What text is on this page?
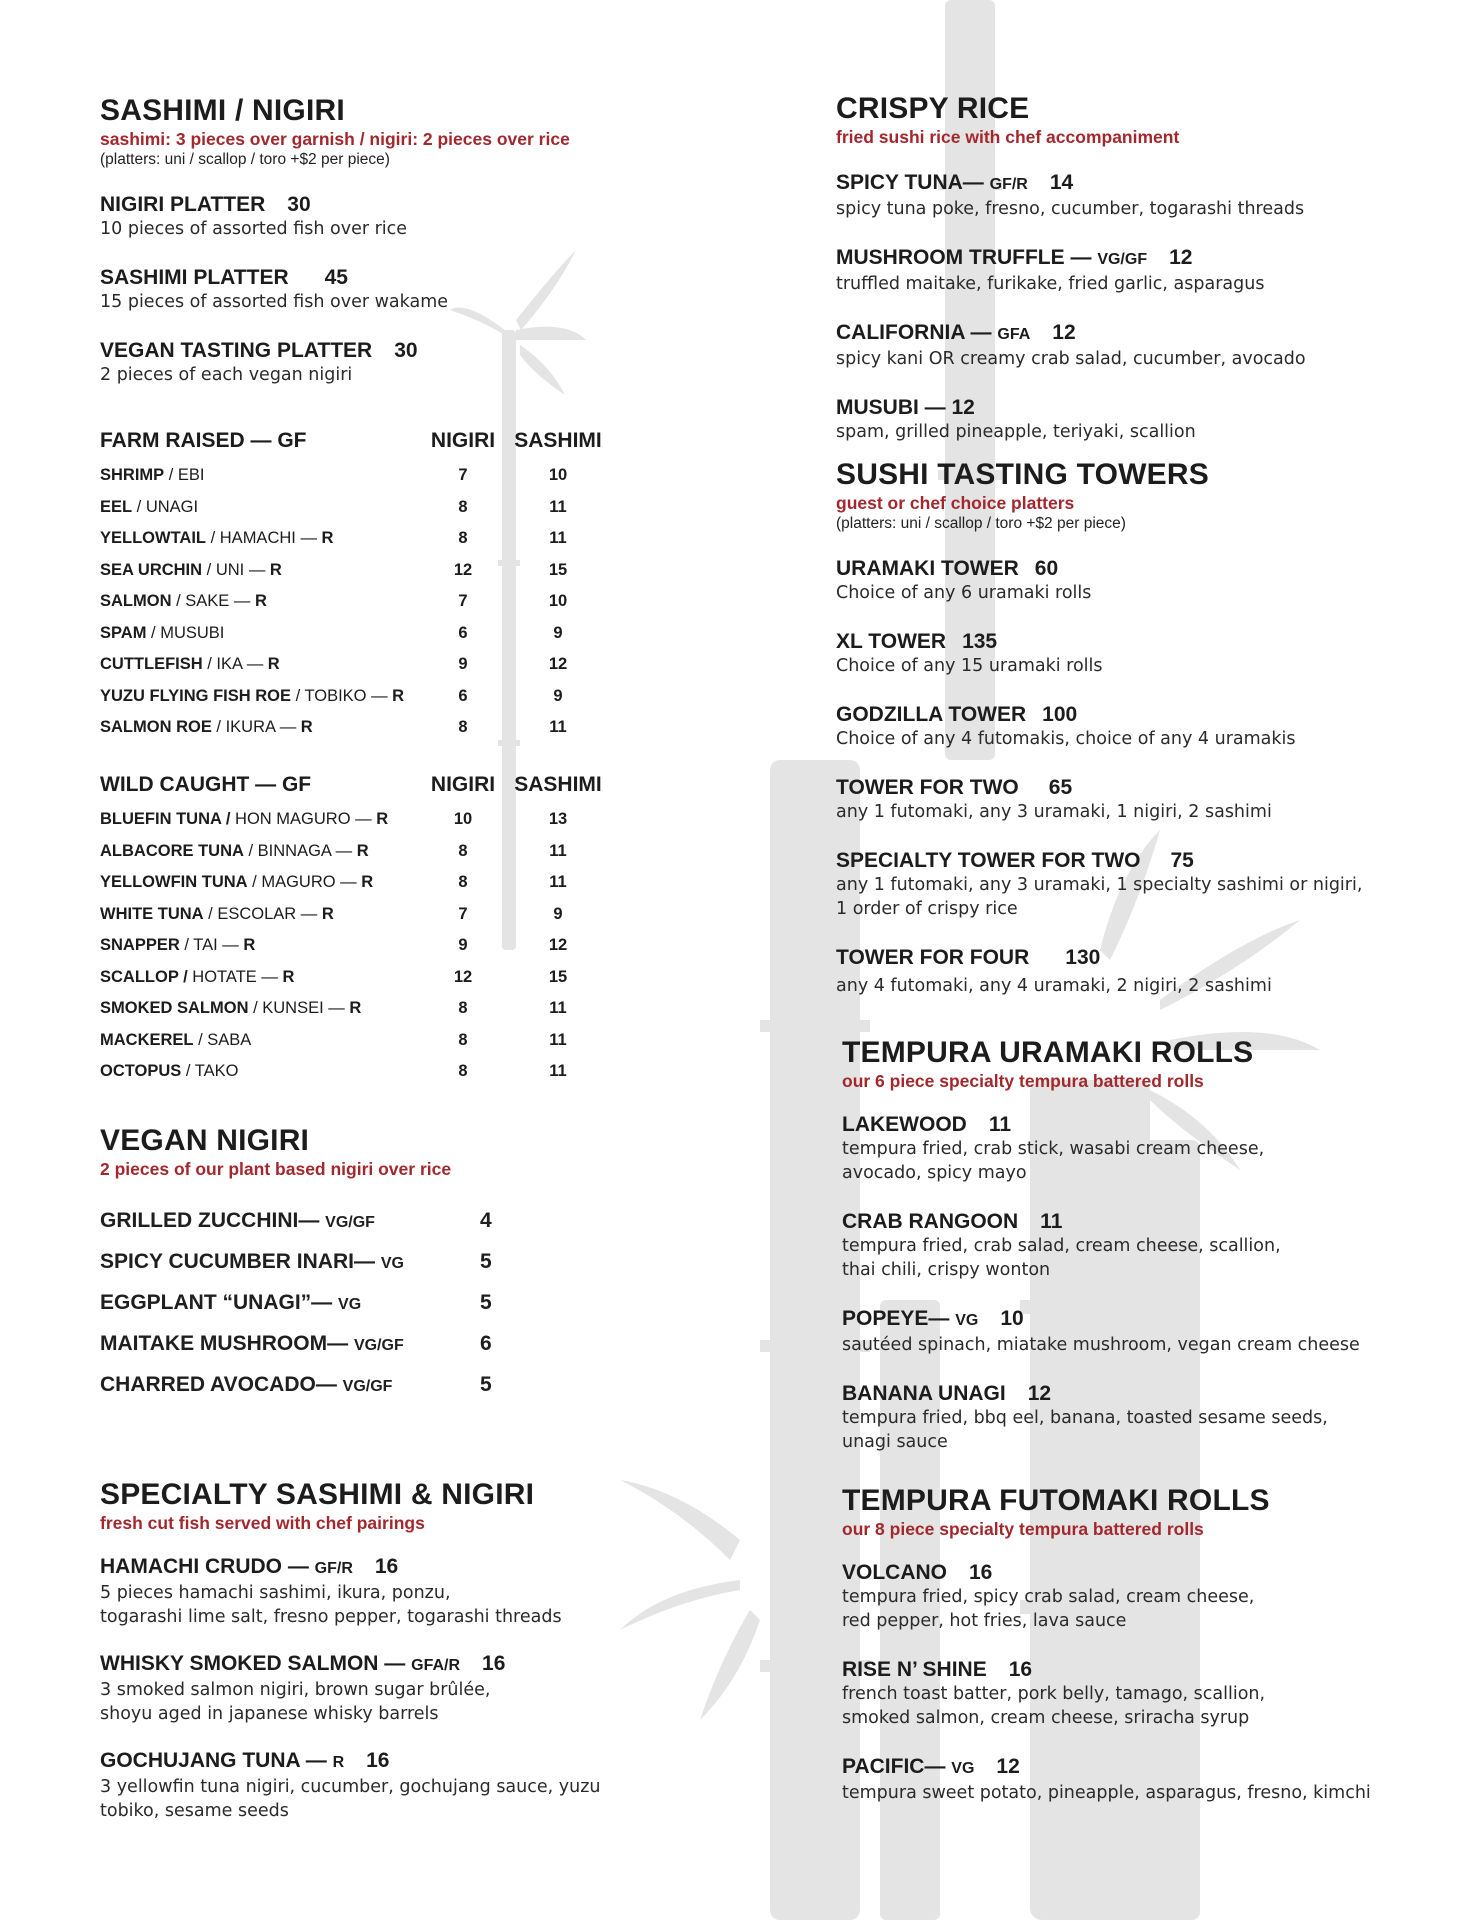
SASHIMI / NIGIRI
sashimi: 3 pieces over garnish / nigiri: 2 pieces over rice
(platters: uni / scallop / toro +$2 per piece)
NIGIRI PLATTER 30
10 pieces of assorted fish over rice
SASHIMI PLATTER 45
15 pieces of assorted fish over wakame
VEGAN TASTING PLATTER 30
2 pieces of each vegan nigiri
FARM RAISED — GF	NIGIRI	SASHIMI
SHRIMP / EBI	7	10
EEL / UNAGI	8	11
YELLOWTAIL / HAMACHI — R	8	11
SEA URCHIN / UNI — R	12	15
SALMON / SAKE — R	7	10
SPAM / MUSUBI	6	9
CUTTLEFISH / IKA — R	9	12
YUZU FLYING FISH ROE / TOBIKO — R	6	9
SALMON ROE / IKURA — R	8	11
WILD CAUGHT — GF	NIGIRI	SASHIMI
BLUEFIN TUNA / HON MAGURO — R	10	13
ALBACORE TUNA / BINNAGA — R	8	11
YELLOWFIN TUNA / MAGURO — R	8	11
WHITE TUNA / ESCOLAR — R	7	9
SNAPPER / TAI — R	9	12
SCALLOP / HOTATE — R	12	15
SMOKED SALMON / KUNSEI — R	8	11
MACKEREL / SABA	8	11
OCTOPUS / TAKO	8	11
VEGAN NIGIRI
2 pieces of our plant based nigiri over rice
GRILLED ZUCCHINI— VG/GF	4
SPICY CUCUMBER INARI— VG	5
EGGPLANT “UNAGI”— VG	5
MAITAKE MUSHROOM— VG/GF	6
CHARRED AVOCADO— VG/GF	5
SPECIALTY SASHIMI & NIGIRI
fresh cut fish served with chef pairings
HAMACHI CRUDO — GF/R 16
5 pieces hamachi sashimi, ikura, ponzu,
togarashi lime salt, fresno pepper, togarashi threads
WHISKY SMOKED SALMON — GFA/R 16
3 smoked salmon nigiri, brown sugar brûlée,
shoyu aged in japanese whisky barrels
GOCHUJANG TUNA — R 16
3 yellowfin tuna nigiri, cucumber, gochujang sauce, yuzu
tobiko, sesame seeds
CRISPY RICE
fried sushi rice with chef accompaniment
SPICY TUNA— GF/R 14
spicy tuna poke, fresno, cucumber, togarashi threads
MUSHROOM TRUFFLE — VG/GF 12
truffled maitake, furikake, fried garlic, asparagus
CALIFORNIA — GFA 12
spicy kani OR creamy crab salad, cucumber, avocado
MUSUBI — 12
spam, grilled pineapple, teriyaki, scallion
SUSHI TASTING TOWERS
guest or chef choice platters
(platters: uni / scallop / toro +$2 per piece)
URAMAKI TOWER 60
Choice of any 6 uramaki rolls
XL TOWER 135
Choice of any 15 uramaki rolls
GODZILLA TOWER 100
Choice of any 4 futomakis, choice of any 4 uramakis
TOWER FOR TWO 65
any 1 futomaki, any 3 uramaki, 1 nigiri, 2 sashimi
SPECIALTY TOWER FOR TWO 75
any 1 futomaki, any 3 uramaki, 1 specialty sashimi or nigiri,
1 order of crispy rice
TOWER FOR FOUR 130
any 4 futomaki, any 4 uramaki, 2 nigiri, 2 sashimi
TEMPURA URAMAKI ROLLS
our 6 piece specialty tempura battered rolls
LAKEWOOD 11
tempura fried, crab stick, wasabi cream cheese,
avocado, spicy mayo
CRAB RANGOON 11
tempura fried, crab salad, cream cheese, scallion,
thai chili, crispy wonton
POPEYE— VG 10
sautéed spinach, miatake mushroom, vegan cream cheese
BANANA UNAGI 12
tempura fried, bbq eel, banana, toasted sesame seeds,
unagi sauce
TEMPURA FUTOMAKI ROLLS
our 8 piece specialty tempura battered rolls
VOLCANO 16
tempura fried, spicy crab salad, cream cheese,
red pepper, hot fries, lava sauce
RISE N’ SHINE 16
french toast batter, pork belly, tamago, scallion,
smoked salmon, cream cheese, sriracha syrup
PACIFIC— VG 12
tempura sweet potato, pineapple, asparagus, fresno, kimchi
